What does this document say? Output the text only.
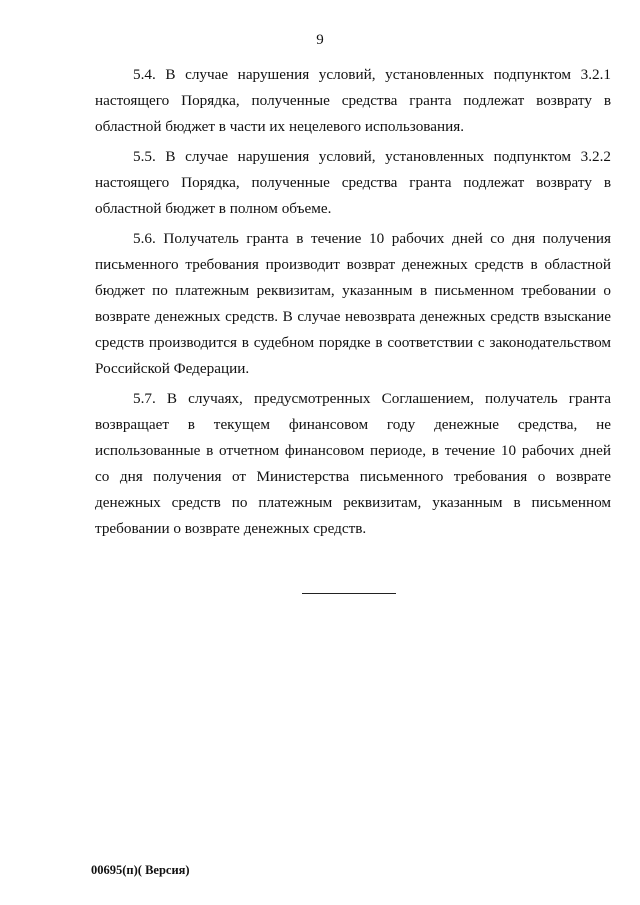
9

5.4. В случае нарушения условий, установленных подпунктом 3.2.1 настоящего Порядка, полученные средства гранта подлежат возврату в областной бюджет в части их нецелевого использования.

5.5. В случае нарушения условий, установленных подпунктом 3.2.2 настоящего Порядка, полученные средства гранта подлежат возврату в областной бюджет в полном объеме.

5.6. Получатель гранта в течение 10 рабочих дней со дня получения письменного требования производит возврат денежных средств в областной бюджет по платежным реквизитам, указанным в письменном требовании о возврате денежных средств. В случае невозврата денежных средств взыскание средств производится в судебном порядке в соответствии с законодательством Российской Федерации.

5.7. В случаях, предусмотренных Соглашением, получатель гранта возвращает в текущем финансовом году денежные средства, не использованные в отчетном финансовом периоде, в течение 10 рабочих дней со дня получения от Министерства письменного требования о возврате денежных средств по платежным реквизитам, указанным в письменном требовании о возврате денежных средств.

00695(п)( Версия)
